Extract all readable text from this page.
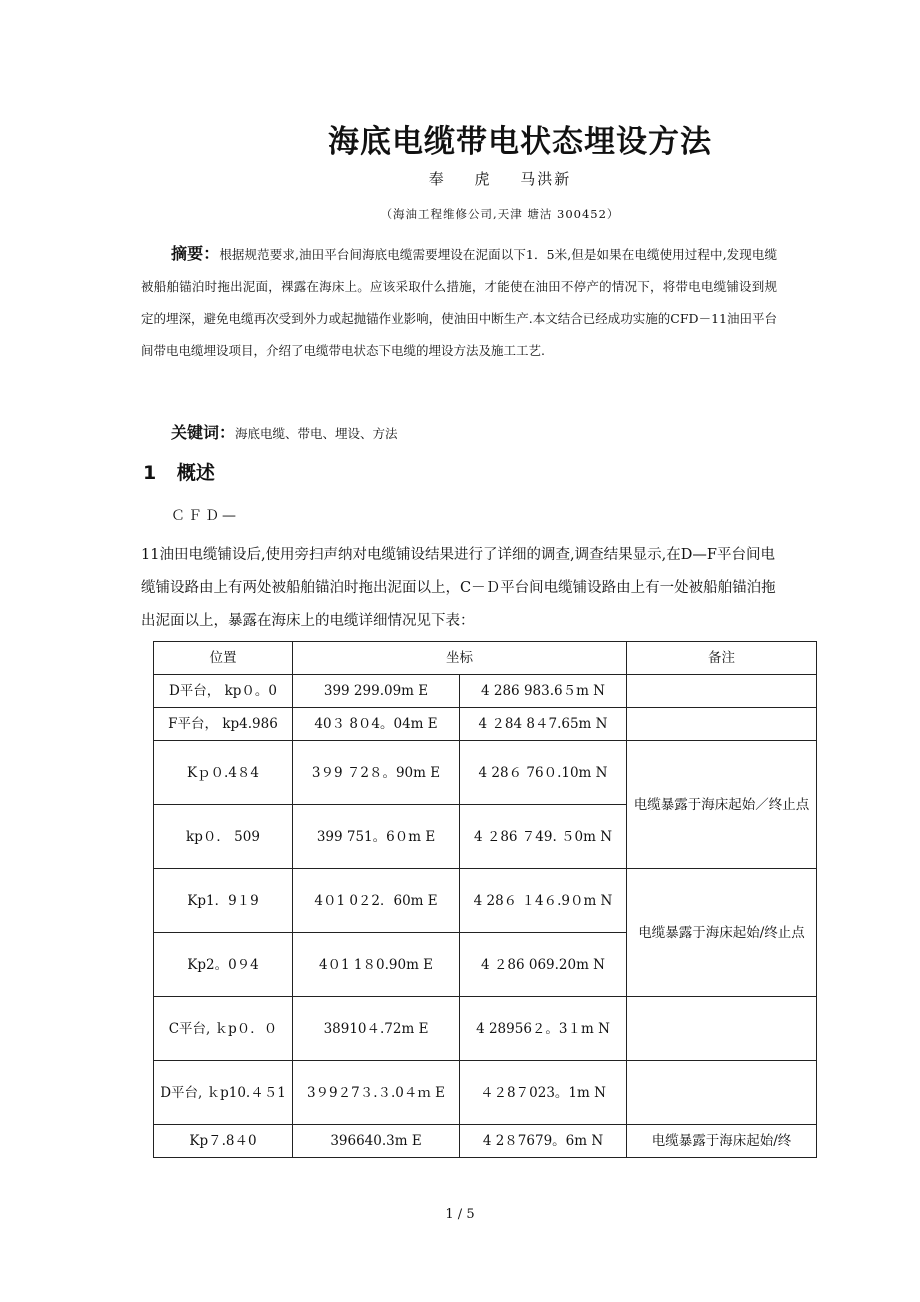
海底电缆带电状态埋设方法
奉 虎 马洪新
（海油工程维修公司,天津 塘沽 300452）
摘要：根据规范要求,油田平台间海底电缆需要埋设在泥面以下1．5米,但是如果在电缆使用过程中,发现电缆被船舶锚泊时拖出泥面，裸露在海床上。应该采取什么措施，才能使在油田不停产的情况下，将带电电缆铺设到规定的埋深，避免电缆再次受到外力或起抛锚作业影响，使油田中断生产.本文结合已经成功实施的CFD－11油田平台间带电电缆埋设项目，介绍了电缆带电状态下电缆的埋设方法及施工工艺.
关键词：海底电缆、带电、埋设、方法
1 概述
ＣＦＤ—
11油田电缆铺设后,使用旁扫声纳对电缆铺设结果进行了详细的调查,调查结果显示,在D—F平台间电缆铺设路由上有两处被船舶锚泊时拖出泥面以上，C－Ｄ平台间电缆铺设路由上有一处被船舶锚泊拖出泥面以上，暴露在海床上的电缆详细情况见下表：
位置	坐标		备注
D平台， kp０。0	399 299.09m E	4 286 983.6５m N	
F平台， kp4.986	40３ 8０4。04m E	4 ２84 8４7.65m N	
Kｐ０.4８4	3９9 ７2８。90m E	4 28６ 76０.10m N	电缆暴露于海床起始／终止点
kp０． 509	399 751。6０m E	4 ２86 ７49. ５0m N	
Kp1．9１9	4０1 0２2．60m E	4 28６ １4６.9０m N	电缆暴露于海床起始/终止点
Kp2。0９4	4０1 1８0.90m E	4 ２86 069.20m N	
C平台, ｋp０．０	38910４.72m E	4 28956２。3１m N	
D平台, ｋp10.４５1	3９9２7３.３.0４ｍ E	４２8７023。1m N	
Kp７.8４0	396640.3m E	4 2８7679。6m N	电缆暴露于海床起始/终
1 / 5
